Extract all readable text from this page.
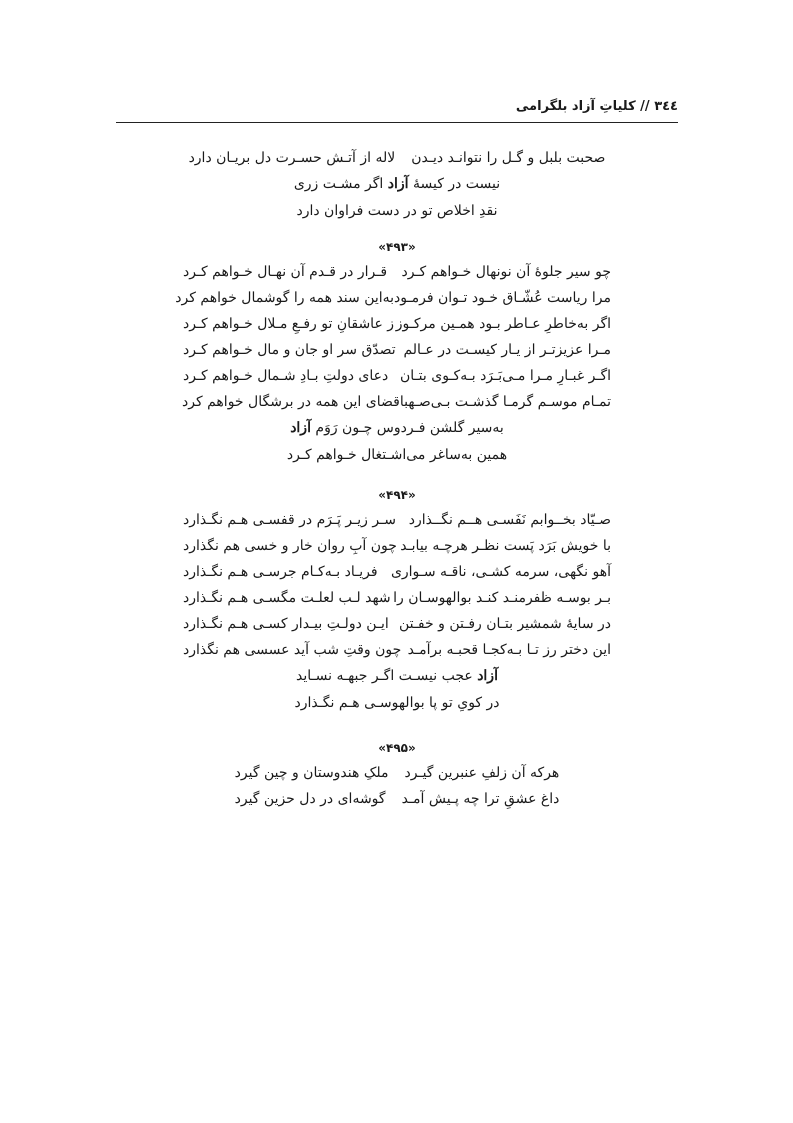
٣٤٤ // کلیاتِ آزاد بلگرامی
صحبت بلبل و گـل را نتوانـد دیـدن
لاله از آتـش حسـرت دل بریـان دارد
نیست در کیسهٔ آزاد اگر مشـت زری
نقدِ اخلاص تو در دست فراوان دارد
«۴۹۳»
چو سیر جلوهٔ آن نونهال خـواهم کـرد
قـرار در قـدم آن نهـال خـواهم کـرد
مرا ریاست عُشّـاق خـود تـوان فرمـود
به‌این سند همه را گوشمال خواهم کرد
اگر به‌خاطرِ عـاطر بـود همـین مرکـوز
ز عاشقانِ تو رفـعِ مـلال خـواهم کـرد
مـرا عزیزتـر از یـار کیسـت در عـالم
تصدّق سر او جان و مال خـواهم کـرد
اگـر غبـارِ مـرا مـی‌بَـرَد بـه‌کـوی بتـان
دعای دولتِ بـادِ شـمال خـواهم کـرد
تمـام موسـم گرمـا گذشـت بـی‌صـهبا
قضای این همه در برشگال خواهم کرد
به‌سیر گلشن فـردوس چـون رَوَم آزاد
همین به‌ساغر می‌اشـتغال خـواهم کـرد
«۴۹۴»
صـیّاد بخــوابم نَفَسـی هــم نگــذارد
سـر زیـر پَـرَم در قفسـی هـم نگـذارد
با خویش بَرَد پَست نظـر هرچـه بیابـد
چون آبِ روان خار و خسی هم نگذارد
آهو نگهی، سرمه کشـی، ناقـه سـواری
فریـاد بـه‌کـام جرسـی هـم نگـذارد
بـر بوسـه ظفرمنـد کنـد بوالهوسـان را
شهد لـب لعلـت مگسـی هـم نگـذارد
در سایهٔ شمشیر بتـان رفـتن و خفـتن
ایـن دولـتِ بیـدار کسـی هـم نگـذارد
این دختر رز تـا بـه‌کجـا قحبـه برآمـد
چون وقتِ شب آید عسسی هم نگذارد
آزاد عجب نیسـت اگـر جبهـه نسـاید
در کویِ تو پا بوالهوسـی هـم نگـذارد
«۴۹۵»
هرکه آن زلفِ عنبرین گیـرد
ملکِ هندوستان و چین گیرد
داغ عشقِ ترا چه پـیش آمـد
گوشه‌ای در دل حزین گیرد
